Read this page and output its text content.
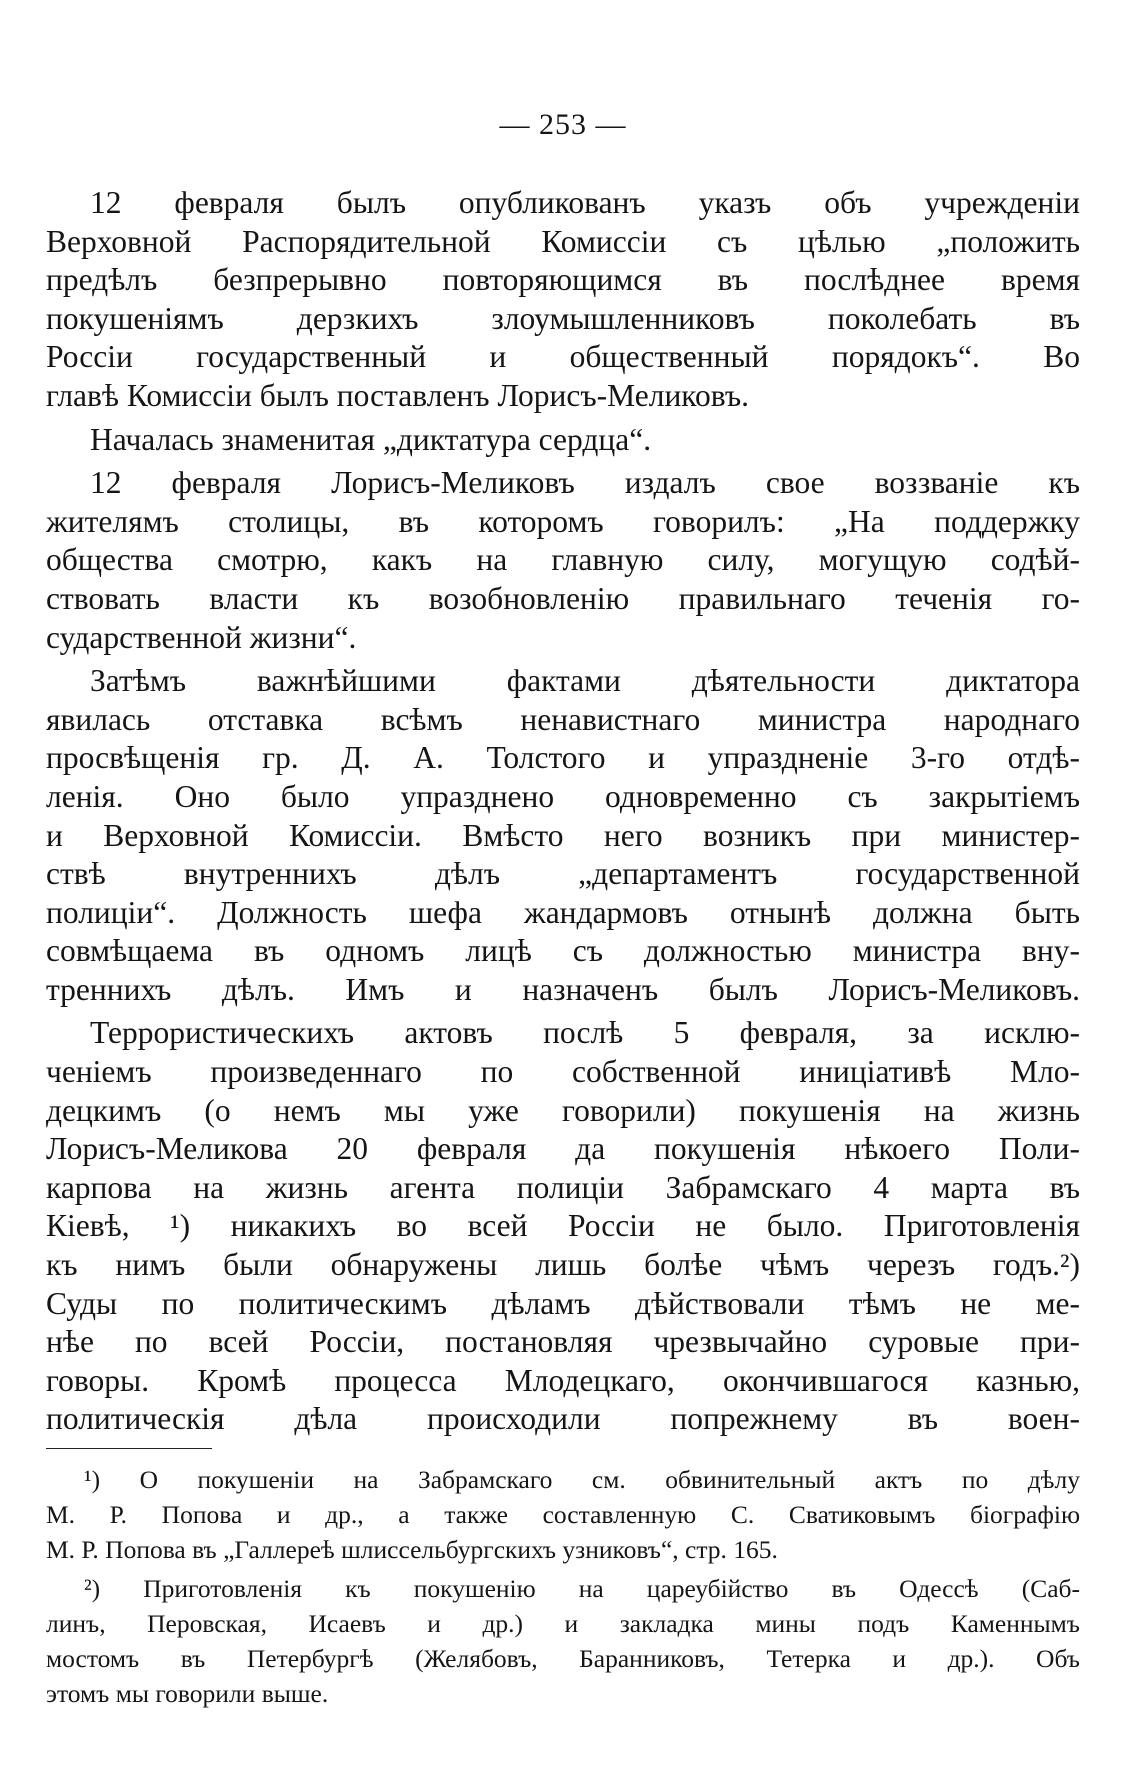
— 253 —
12 февраля былъ опубликованъ указъ объ учрежденіи
Верховной Распорядительной Комиссіи съ цѣлью „положить
предѣлъ безпрерывно повторяющимся въ послѣднее время
покушеніямъ дерзкихъ злоумышленниковъ поколебать въ
Россіи государственный и общественный порядокъ“. Во
главѣ Комиссіи былъ поставленъ Лорисъ-Меликовъ.
Началась знаменитая „диктатура сердца“.
12 февраля Лорисъ-Меликовъ издалъ свое воззваніе къ
жителямъ столицы, въ которомъ говорилъ: „На поддержку
общества смотрю, какъ на главную силу, могущую содѣй-
ствовать власти къ возобновленію правильнаго теченія го-
сударственной жизни“.
Затѣмъ важнѣйшими фактами дѣятельности диктатора
явилась отставка всѣмъ ненавистнаго министра народнаго
просвѣщенія гр. Д. А. Толстого и упраздненіе 3-го отдѣ-
ленія. Оно было упразднено одновременно съ закрытіемъ
и Верховной Комиссіи. Вмѣсто него возникъ при министер-
ствѣ внутреннихъ дѣлъ „департаментъ государственной
полиціи“. Должность шефа жандармовъ отнынѣ должна быть
совмѣщаема въ одномъ лицѣ съ должностью министра вну-
треннихъ дѣлъ. Имъ и назначенъ былъ Лорисъ-Меликовъ.
Террористическихъ актовъ послѣ 5 февраля, за исклю-
ченіемъ произведеннаго по собственной иниціативѣ Мло-
децкимъ (о немъ мы уже говорили) покушенія на жизнь
Лорисъ-Меликова 20 февраля да покушенія нѣкоего Поли-
карпова на жизнь агента полиціи Забрамскаго 4 марта въ
Кіевѣ, ¹) никакихъ во всей Россіи не было. Приготовленія
къ нимъ были обнаружены лишь болѣе чѣмъ черезъ годъ.²)
Суды по политическимъ дѣламъ дѣйствовали тѣмъ не ме-
нѣе по всей Россіи, постановляя чрезвычайно суровые при-
говоры. Кромѣ процесса Млодецкаго, окончившагося казнью,
политическія дѣла происходили попрежнему въ воен-
¹) О покушеніи на Забрамскаго см. обвинительный актъ по дѣлу
М. Р. Попова и др., а также составленную С. Сватиковымъ біографію
М. Р. Попова въ „Галлереѣ шлиссельбургскихъ узниковъ“, стр. 165.
²) Приготовленія къ покушенію на цареубійство въ Одессѣ (Саб-
линъ, Перовская, Исаевъ и др.) и закладка мины подъ Каменнымъ
мостомъ въ Петербургѣ (Желябовъ, Баранниковъ, Тетерка и др.). Объ
этомъ мы говорили выше.
